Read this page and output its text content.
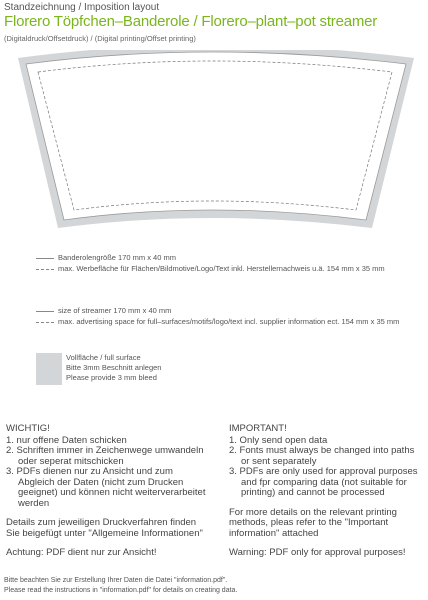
Standzeichnung / Imposition layout
Florero Töpfchen–Banderole / Florero–plant–pot streamer
(Digitaldruck/Offsetdruck) / (Digital printing/Offset printing)
Banderolengröße 170 mm x 40 mm
max. Werbefläche für Flächen/Bildmotive/Logo/Text inkl. Herstellernachweis u.ä. 154 mm x 35 mm
size of streamer 170 mm x 40 mm
max. advertising space for full–surfaces/motifs/logo/text incl. supplier information ect. 154 mm x 35 mm
Vollfläche / full surface
Bitte 3mm Beschnitt anlegen
Please provide 3 mm bleed
WICHTIG!
1. nur offene Daten schicken
2. Schriften immer in Zeichenwege umwandeln oder seperat mitschicken
3. PDFs dienen nur zu Ansicht und zum Abgleich der Daten (nicht zum Drucken geeignet) und können nicht weiterverarbeitet werden
Details zum jeweiligen Druckverfahren finden Sie beigefügt unter "Allgemeine Informationen"
Achtung: PDF dient nur zur Ansicht!
IMPORTANT!
1. Only send open data
2. Fonts must always be changed into paths or sent separately
3. PDFs are only used for approval purposes and fpr comparing data (not suitable for printing) and cannot be processed
For more details on the relevant printing methods, pleas refer to the "Important information" attached
Warning: PDF only for approval purposes!
Bitte beachten Sie zur Erstellung Ihrer Daten die Datei "information.pdf".
Please read the instructions in "information.pdf" for details on creating data.
